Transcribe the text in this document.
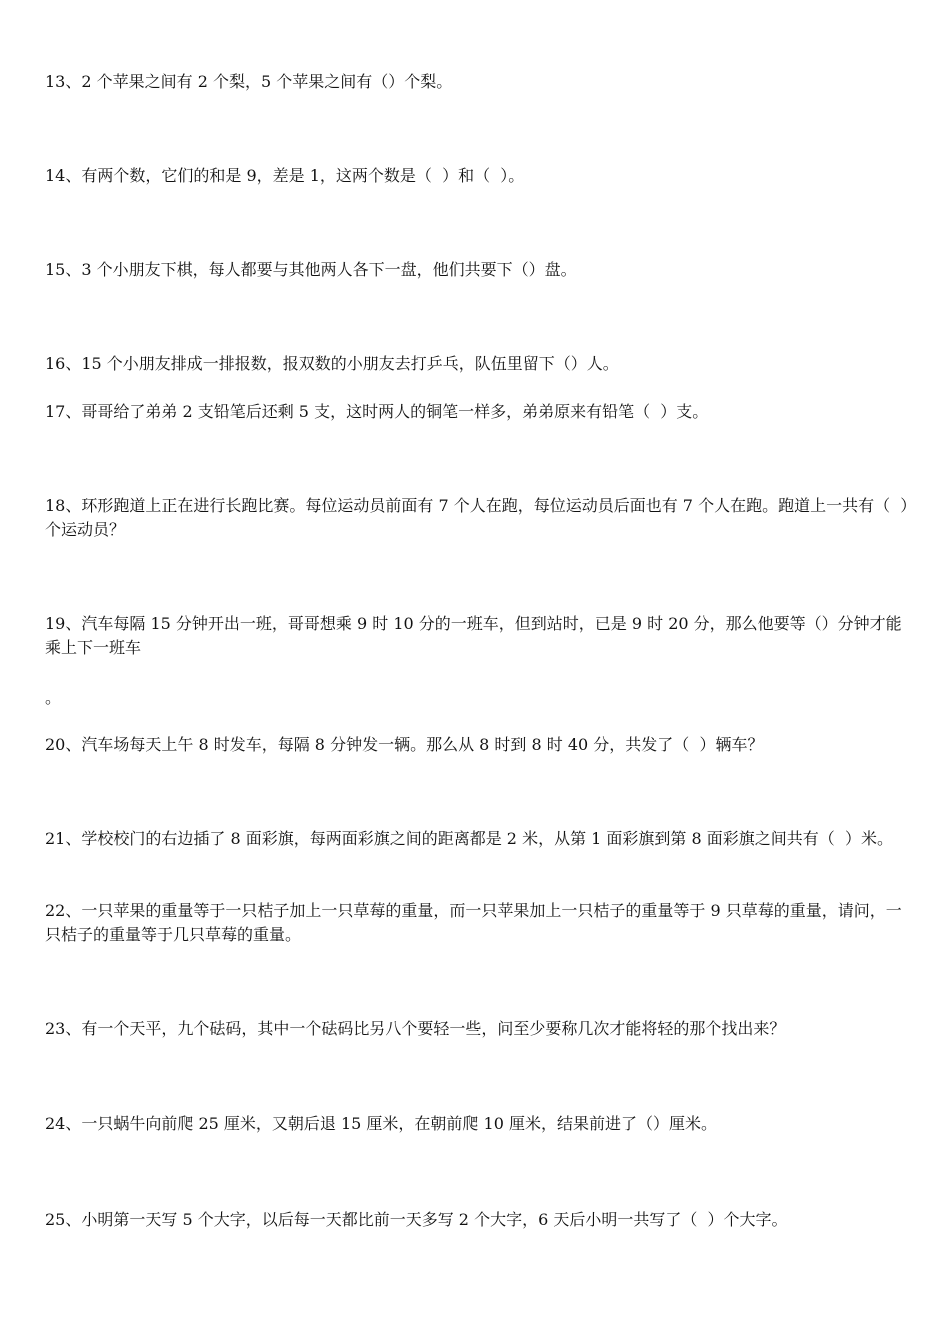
13、2 个苹果之间有 2 个梨，5 个苹果之间有（）个梨。

14、有两个数，它们的和是 9，差是 1，这两个数是（  ）和（  ）。

15、3 个小朋友下棋，每人都要与其他两人各下一盘，他们共要下（）盘。

16、15 个小朋友排成一排报数，报双数的小朋友去打乒乓，队伍里留下（）人。

17、哥哥给了弟弟 2 支铅笔后还剩 5 支，这时两人的铜笔一样多，弟弟原来有铅笔（  ）支。

18、环形跑道上正在进行长跑比赛。每位运动员前面有 7 个人在跑，每位运动员后面也有 7 个人在跑。跑道上一共有（  ）个运动员？

19、汽车每隔 15 分钟开出一班，哥哥想乘 9 时 10 分的一班车，但到站时，已是 9 时 20 分，那么他要等（）分钟才能乘上下一班车

。

20、汽车场每天上午 8 时发车，每隔 8 分钟发一辆。那么从 8 时到 8 时 40 分，共发了（  ）辆车？

21、学校校门的右边插了 8 面彩旗，每两面彩旗之间的距离都是 2 米，从第 1 面彩旗到第 8 面彩旗之间共有（  ）米。

22、一只苹果的重量等于一只桔子加上一只草莓的重量，而一只苹果加上一只桔子的重量等于 9 只草莓的重量，请问，一只桔子的重量等于几只草莓的重量。

23、有一个天平，九个砝码，其中一个砝码比另八个要轻一些，问至少要称几次才能将轻的那个找出来？

24、一只蜗牛向前爬 25 厘米，又朝后退 15 厘米，在朝前爬 10 厘米，结果前进了（）厘米。

25、小明第一天写 5 个大字，以后每一天都比前一天多写 2 个大字，6 天后小明一共写了（  ）个大字。
